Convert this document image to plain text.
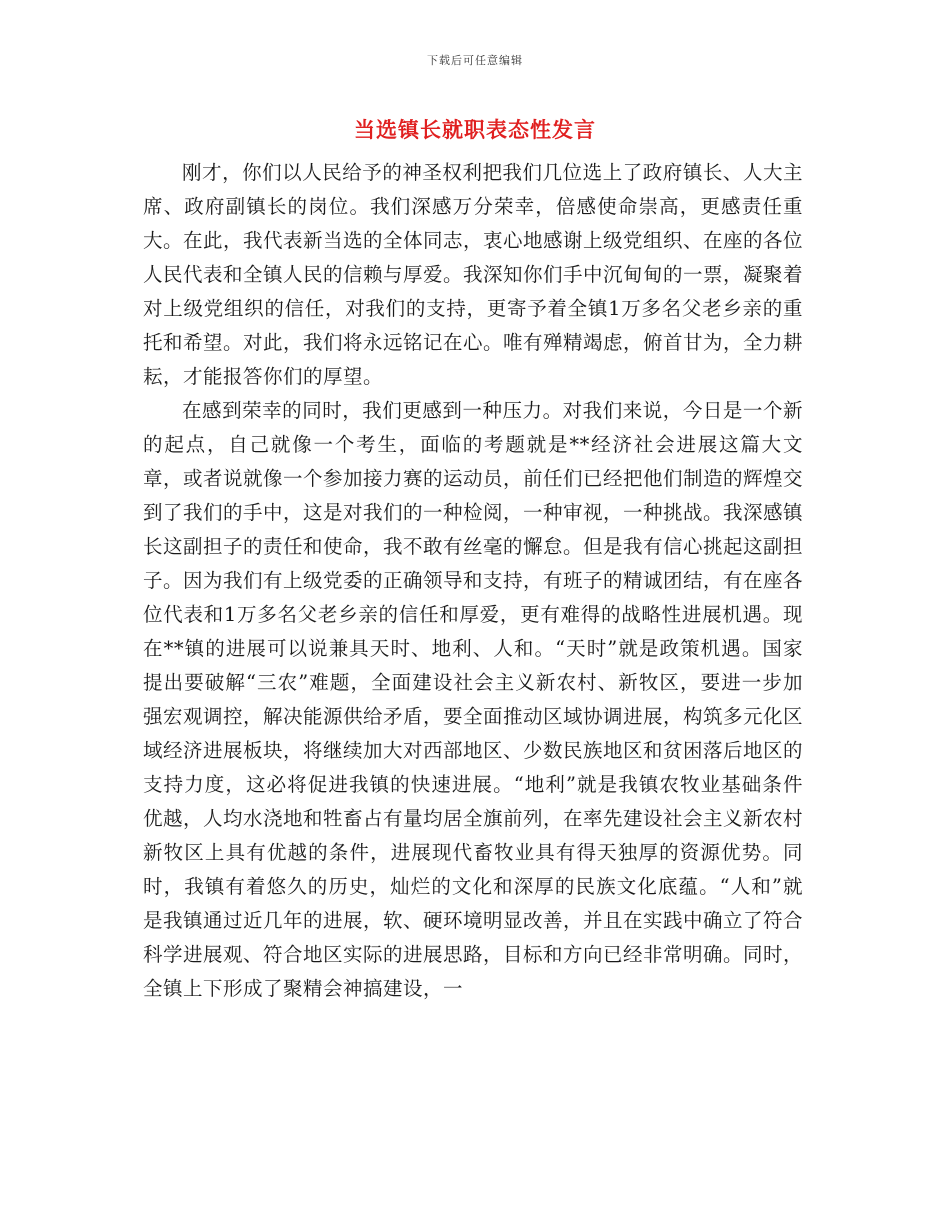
下载后可任意编辑
当选镇长就职表态性发言

刚才，你们以人民给予的神圣权利把我们几位选上了政府镇长、人大主席、政府副镇长的岗位。我们深感万分荣幸，倍感使命崇高，更感责任重大。在此，我代表新当选的全体同志，衷心地感谢上级党组织、在座的各位人民代表和全镇人民的信赖与厚爱。我深知你们手中沉甸甸的一票，凝聚着对上级党组织的信任，对我们的支持，更寄予着全镇1万多名父老乡亲的重托和希望。对此，我们将永远铭记在心。唯有殚精竭虑，俯首甘为，全力耕耘，才能报答你们的厚望。

在感到荣幸的同时，我们更感到一种压力。对我们来说，今日是一个新的起点，自己就像一个考生，面临的考题就是**经济社会进展这篇大文章，或者说就像一个参加接力赛的运动员，前任们已经把他们制造的辉煌交到了我们的手中，这是对我们的一种检阅，一种审视，一种挑战。我深感镇长这副担子的责任和使命，我不敢有丝毫的懈怠。但是我有信心挑起这副担子。因为我们有上级党委的正确领导和支持，有班子的精诚团结，有在座各位代表和1万多名父老乡亲的信任和厚爱，更有难得的战略性进展机遇。现在**镇的进展可以说兼具天时、地利、人和。“天时”就是政策机遇。国家提出要破解“三农”难题，全面建设社会主义新农村、新牧区，要进一步加强宏观调控，解决能源供给矛盾，要全面推动区域协调进展，构筑多元化区域经济进展板块，将继续加大对西部地区、少数民族地区和贫困落后地区的支持力度，这必将促进我镇的快速进展。“地利”就是我镇农牧业基础条件优越，人均水浇地和牲畜占有量均居全旗前列，在率先建设社会主义新农村新牧区上具有优越的条件，进展现代畜牧业具有得天独厚的资源优势。同时，我镇有着悠久的历史，灿烂的文化和深厚的民族文化底蕴。“人和”就是我镇通过近几年的进展，软、硬环境明显改善，并且在实践中确立了符合科学进展观、符合地区实际的进展思路，目标和方向已经非常明确。同时，全镇上下形成了聚精会神搞建设，一
